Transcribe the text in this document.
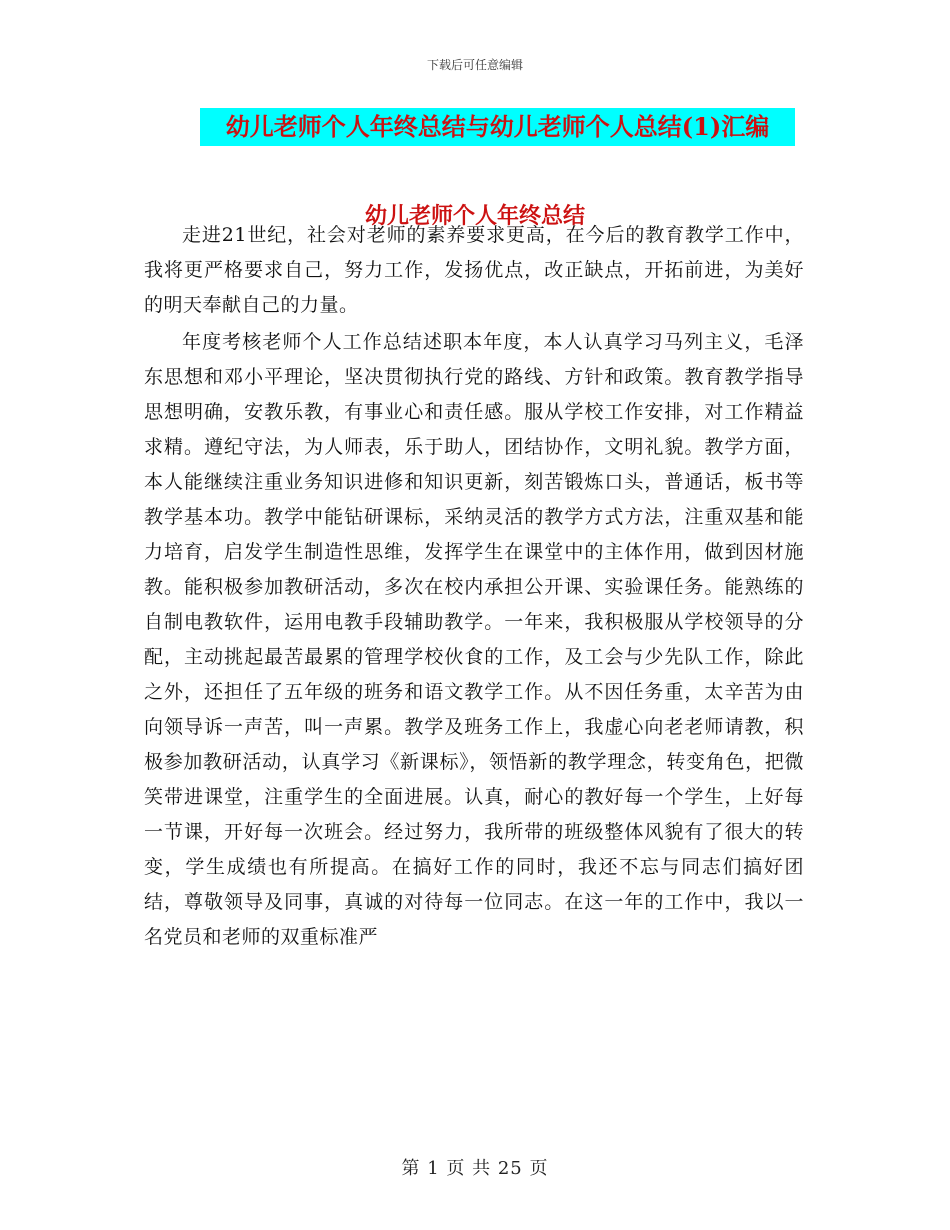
下载后可任意编辑
幼儿老师个人年终总结与幼儿老师个人总结(1)汇编
幼儿老师个人年终总结

走进21世纪，社会对老师的素养要求更高，在今后的教育教学工作中，我将更严格要求自己，努力工作，发扬优点，改正缺点，开拓前进，为美好的明天奉献自己的力量。

年度考核老师个人工作总结述职本年度，本人认真学习马列主义，毛泽东思想和邓小平理论，坚决贯彻执行党的路线、方针和政策。教育教学指导思想明确，安教乐教，有事业心和责任感。服从学校工作安排，对工作精益求精。遵纪守法，为人师表，乐于助人，团结协作，文明礼貌。教学方面，本人能继续注重业务知识进修和知识更新，刻苦锻炼口头，普通话，板书等教学基本功。教学中能钻研课标，采纳灵活的教学方式方法，注重双基和能力培育，启发学生制造性思维，发挥学生在课堂中的主体作用，做到因材施教。能积极参加教研活动，多次在校内承担公开课、实验课任务。能熟练的自制电教软件，运用电教手段辅助教学。一年来，我积极服从学校领导的分配，主动挑起最苦最累的管理学校伙食的工作，及工会与少先队工作，除此之外，还担任了五年级的班务和语文教学工作。从不因任务重，太辛苦为由向领导诉一声苦，叫一声累。教学及班务工作上，我虚心向老老师请教，积极参加教研活动，认真学习《新课标》，领悟新的教学理念，转变角色，把微笑带进课堂，注重学生的全面进展。认真，耐心的教好每一个学生，上好每一节课，开好每一次班会。经过努力，我所带的班级整体风貌有了很大的转变，学生成绩也有所提高。在搞好工作的同时，我还不忘与同志们搞好团结，尊敬领导及同事，真诚的对待每一位同志。在这一年的工作中，我以一名党员和老师的双重标准严

第 1 页 共 25 页
